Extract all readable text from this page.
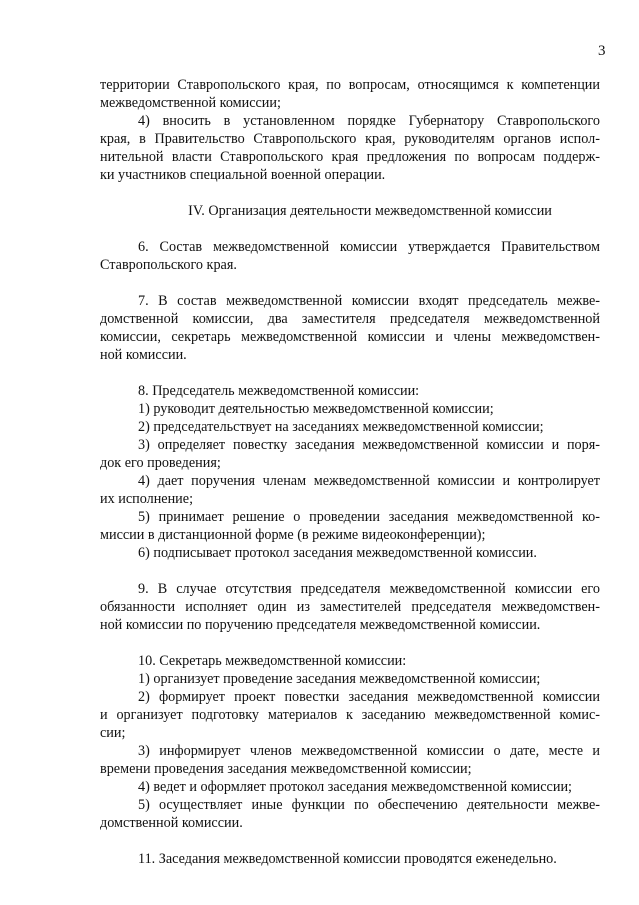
3

территории Ставропольского края, по вопросам, относящимся к компетенции

межведомственной комиссии;

4) вносить в установленном порядке Губернатору Ставропольского

края, в Правительство Ставропольского края, руководителям органов испол-

нительной власти Ставропольского края предложения по вопросам поддерж-

ки участников специальной военной операции.

IV. Организация деятельности межведомственной комиссии

6. Состав межведомственной комиссии утверждается Правительством

Ставропольского края.

7. В состав межведомственной комиссии входят председатель межве-

домственной комиссии, два заместителя председателя межведомственной

комиссии, секретарь межведомственной комиссии и члены межведомствен-

ной комиссии.

8. Председатель межведомственной комиссии:

1) руководит деятельностью межведомственной комиссии;

2) председательствует на заседаниях межведомственной комиссии;

3) определяет повестку заседания межведомственной комиссии и поря-

док его проведения;

4) дает поручения членам межведомственной комиссии и контролирует

их исполнение;

5) принимает решение о проведении заседания межведомственной ко-

миссии в дистанционной форме (в режиме видеоконференции);

6) подписывает протокол заседания межведомственной комиссии.

9. В случае отсутствия председателя межведомственной комиссии его

обязанности исполняет один из заместителей председателя межведомствен-

ной комиссии по поручению председателя межведомственной комиссии.

10. Секретарь межведомственной комиссии:

1) организует проведение заседания межведомственной комиссии;

2) формирует проект повестки заседания межведомственной комиссии

и организует подготовку материалов к заседанию межведомственной комис-

сии;

3) информирует членов межведомственной комиссии о дате, месте и

времени проведения заседания межведомственной комиссии;

4) ведет и оформляет протокол заседания межведомственной комиссии;

5) осуществляет иные функции по обеспечению деятельности межве-

домственной комиссии.

11. Заседания межведомственной комиссии проводятся еженедельно.
